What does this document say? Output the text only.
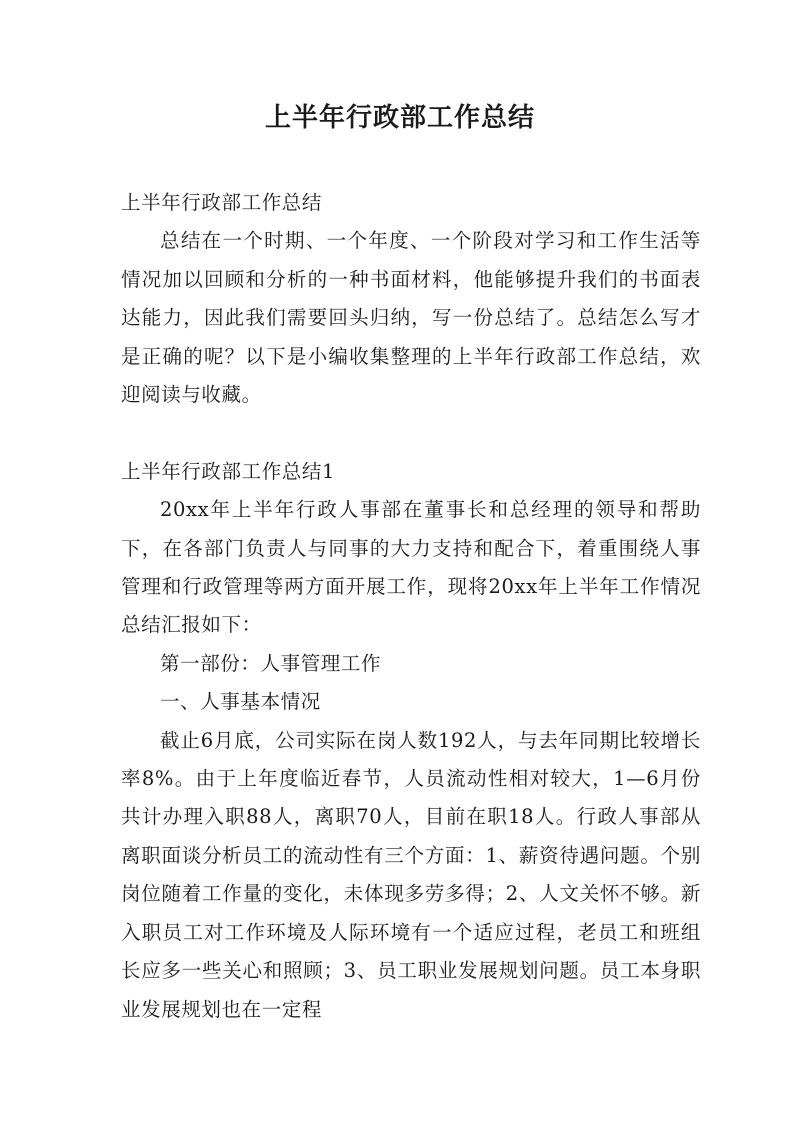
上半年行政部工作总结

上半年行政部工作总结

总结在一个时期、一个年度、一个阶段对学习和工作生活等情况加以回顾和分析的一种书面材料，他能够提升我们的书面表达能力，因此我们需要回头归纳，写一份总结了。总结怎么写才是正确的呢？以下是小编收集整理的上半年行政部工作总结，欢迎阅读与收藏。

上半年行政部工作总结1

20xx年上半年行政人事部在董事长和总经理的领导和帮助下，在各部门负责人与同事的大力支持和配合下，着重围绕人事管理和行政管理等两方面开展工作，现将20xx年上半年工作情况总结汇报如下：

第一部份：人事管理工作

一、人事基本情况

截止6月底，公司实际在岗人数192人，与去年同期比较增长率8%。由于上年度临近春节，人员流动性相对较大，1—6月份共计办理入职88人，离职70人，目前在职18人。行政人事部从离职面谈分析员工的流动性有三个方面：1、薪资待遇问题。个别岗位随着工作量的变化，未体现多劳多得；2、人文关怀不够。新入职员工对工作环境及人际环境有一个适应过程，老员工和班组长应多一些关心和照顾；3、员工职业发展规划问题。员工本身职业发展规划也在一定程
